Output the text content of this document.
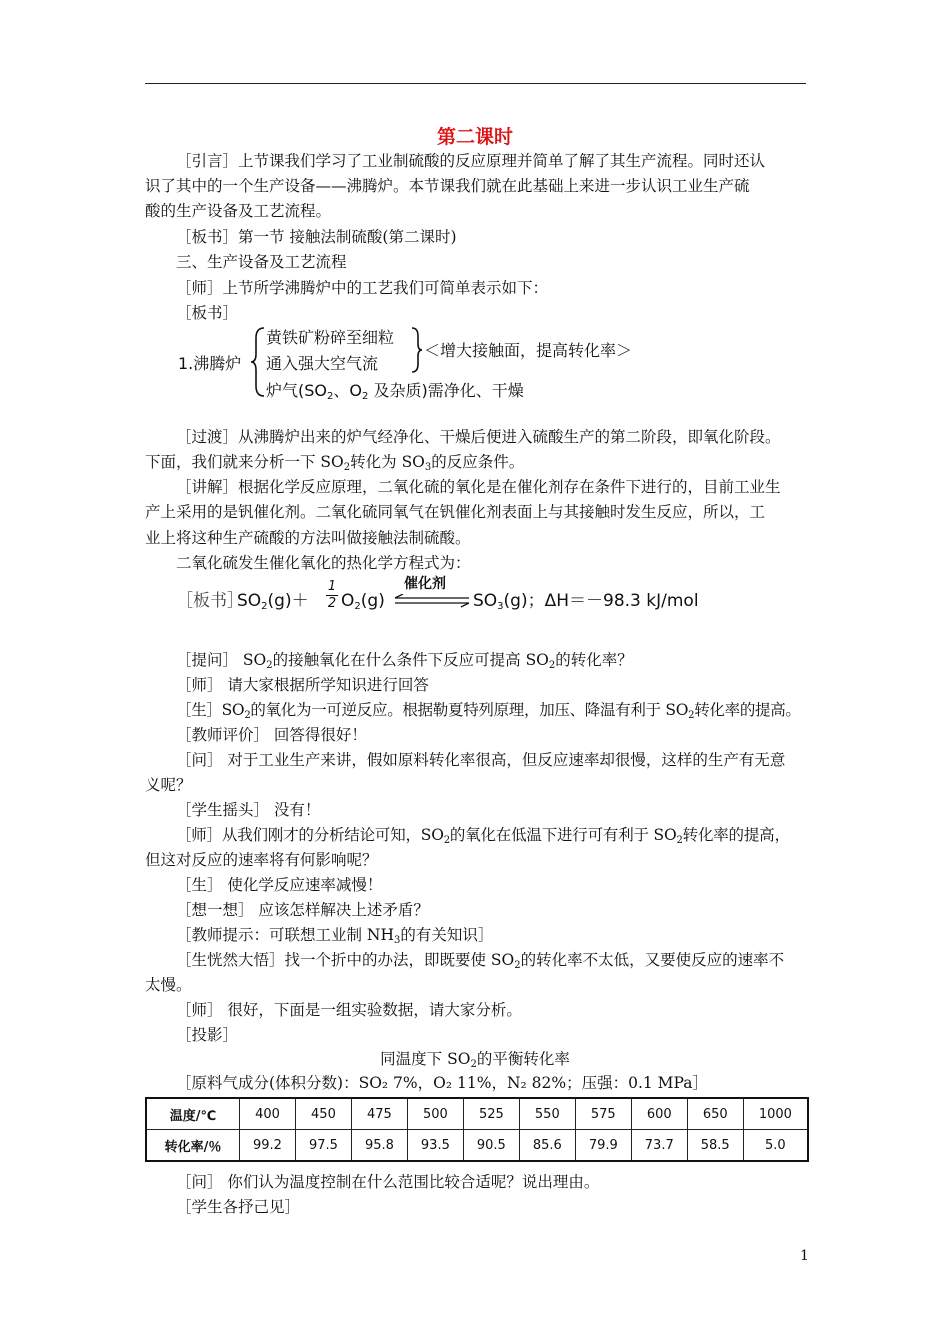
第二课时
［引言］上节课我们学习了工业制硫酸的反应原理并简单了解了其生产流程。同时还认
识了其中的一个生产设备——沸腾炉。本节课我们就在此基础上来进一步认识工业生产硫
酸的生产设备及工艺流程。
［板书］第一节 接触法制硫酸(第二课时)
三、生产设备及工艺流程
［师］上节所学沸腾炉中的工艺我们可简单表示如下：
［板书］
1.沸腾炉
黄铁矿粉碎至细粒
通入强大空气流
炉气($SO_2$、$O_2$ 及杂质)需净化、干燥
＜增大接触面，提高转化率＞
［过渡］从沸腾炉出来的炉气经净化、干燥后便进入硫酸生产的第二阶段，即氧化阶段。
下面，我们就来分析一下 $SO_2$转化为 $SO_3$的反应条件。
［讲解］根据化学反应原理，二氧化硫的氧化是在催化剂存在条件下进行的，目前工业生
产上采用的是钒催化剂。二氧化硫同氧气在钒催化剂表面上与其接触时发生反应，所以，工
业上将这种生产硫酸的方法叫做接触法制硫酸。
二氧化硫发生催化氧化的热化学方程式为：
［板书］
$SO_2(g)+$
1
2 $O_2(g)$
催化剂
$SO_3(g)$；ΔH＝－98.3 kJ/mol
［提问］ $SO_2$的接触氧化在什么条件下反应可提高 $SO_2$的转化率？
［师］ 请大家根据所学知识进行回答
［生$]SO_2$的氧化为一可逆反应。根据勒夏特列原理，加压、降温有利于 $SO_2$转化率的提高。
［教师评价］ 回答得很好！
［问］ 对于工业生产来讲，假如原料转化率很高，但反应速率却很慢，这样的生产有无意
义呢？
［学生摇头］ 没有！
［师］从我们刚才的分析结论可知，$SO_2$的氧化在低温下进行可有利于 $SO_2$转化率的提高，
但这对反应的速率将有何影响呢？
［生］ 使化学反应速率减慢！
［想一想］ 应该怎样解决上述矛盾？
［教师提示：可联想工业制 $NH_3$的有关知识］
［生恍然大悟］找一个折中的办法，即既要使 $SO_2$的转化率不太低，又要使反应的速率不
太慢。
［师］ 很好，下面是一组实验数据，请大家分析。
［投影］
同温度下 $SO_2$的平衡转化率
［原料气成分(体积分数)：SO₂ 7%，O₂ 11%，N₂ 82%；压强：0.1 MPa］
温度/℃	400	450	475	500	525	550	575	600	650	1000
转化率/％	99.2	97.5	95.8	93.5	90.5	85.6	79.9	73.7	58.5	5.0
［问］ 你们认为温度控制在什么范围比较合适呢？说出理由。
［学生各抒己见］
1
